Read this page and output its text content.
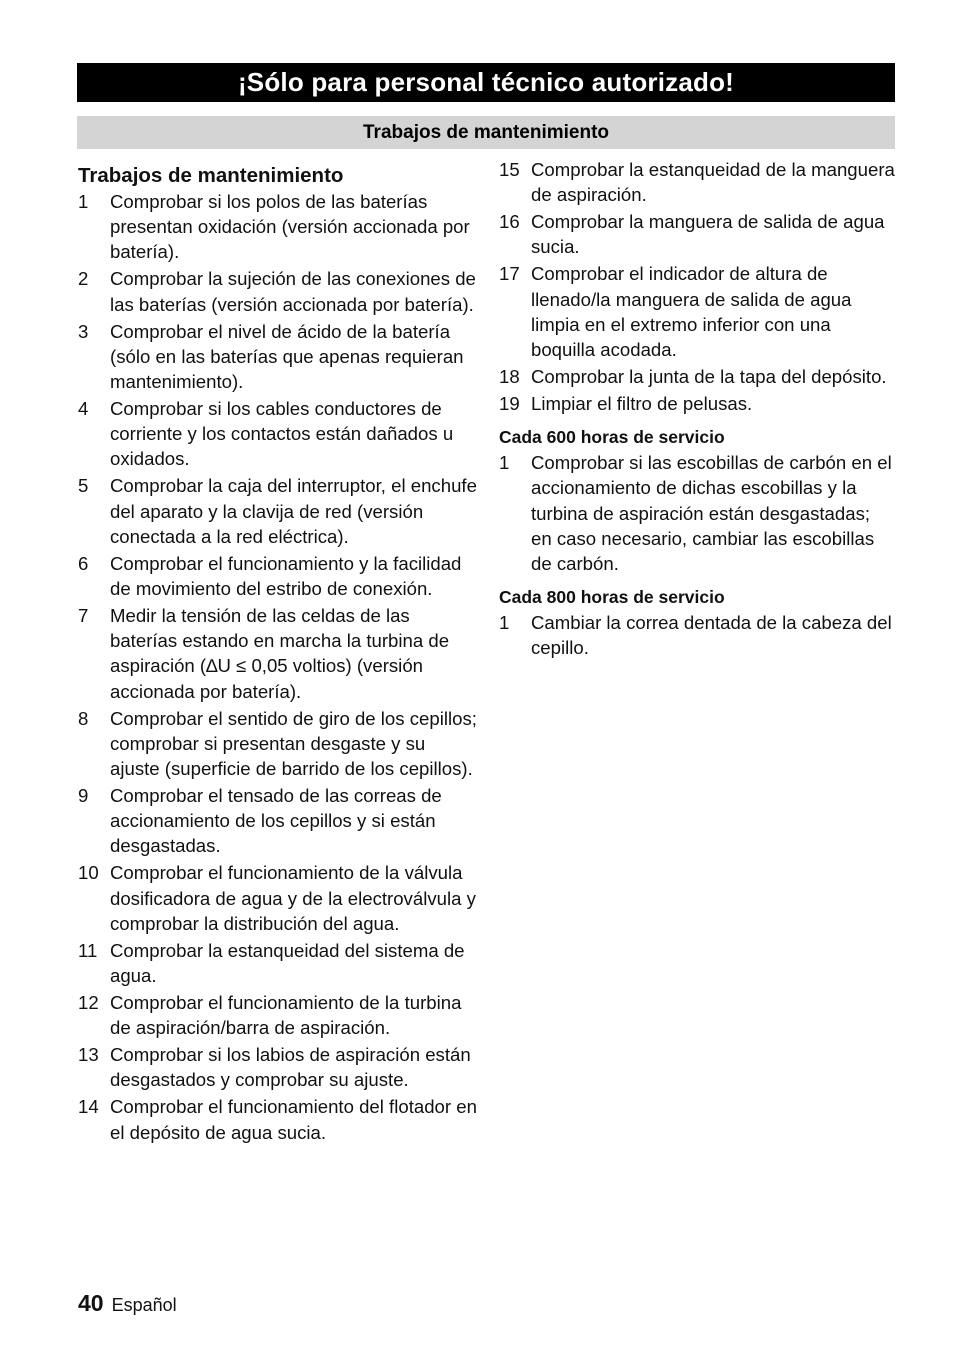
¡Sólo para personal técnico autorizado!
Trabajos de mantenimiento
Trabajos de mantenimiento
1	Comprobar si los polos de las baterías presentan oxidación (versión accionada por batería).
2	Comprobar la sujeción de las conexiones de las baterías (versión accionada por batería).
3	Comprobar el nivel de ácido de la batería (sólo en las baterías que apenas requieran mantenimiento).
4	Comprobar si los cables conductores de corriente y los contactos están dañados u oxidados.
5	Comprobar la caja del interruptor, el enchufe del aparato y la clavija de red (versión conectada a la red eléctrica).
6	Comprobar el funcionamiento y la facilidad de movimiento del estribo de conexión.
7	Medir la tensión de las celdas de las baterías estando en marcha la turbina de aspiración (∆U ≤ 0,05 voltios) (versión accionada por batería).
8	Comprobar el sentido de giro de los cepillos; comprobar si presentan desgaste y su ajuste (superficie de barrido de los cepillos).
9	Comprobar el tensado de las correas de accionamiento de los cepillos y si están desgastadas.
10 Comprobar el funcionamiento de la válvula dosificadora de agua y de la electroválvula y comprobar la distribución del agua.
11 Comprobar la estanqueidad del sistema de agua.
12 Comprobar el funcionamiento de la turbina de aspiración/barra de aspiración.
13 Comprobar si los labios de aspiración están desgastados y comprobar su ajuste.
14 Comprobar el funcionamiento del flotador en el depósito de agua sucia.
15 Comprobar la estanqueidad de la manguera de aspiración.
16 Comprobar la manguera de salida de agua sucia.
17 Comprobar el indicador de altura de llenado/la manguera de salida de agua limpia en el extremo inferior con una boquilla acodada.
18 Comprobar la junta de la tapa del depósito.
19 Limpiar el filtro de pelusas.
Cada 600 horas de servicio
1	Comprobar si las escobillas de carbón en el accionamiento de dichas escobillas y la turbina de aspiración están desgastadas; en caso necesario, cambiar las escobillas de carbón.
Cada 800 horas de servicio
1	Cambiar la correa dentada de la cabeza del cepillo.
40 Español
